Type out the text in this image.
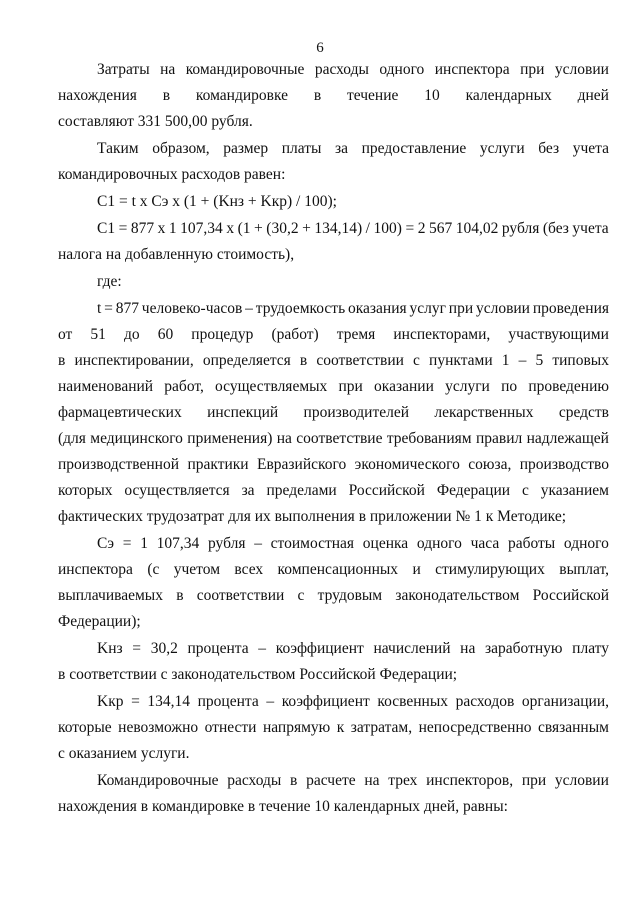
6
Затраты на командировочные расходы одного инспектора при условии
нахождения в командировке в течение 10 календарных дней
составляют 331 500,00 рубля.
Таким образом, размер платы за предоставление услуги без учета
командировочных расходов равен:
C1 = t x Cэ x (1 + (Kнз + Kкр) / 100);
C1 = 877 x 1 107,34 x (1 + (30,2 + 134,14) / 100) = 2 567 104,02 рубля (без учета
налога на добавленную стоимость),
где:
t = 877 человеко-часов – трудоемкость оказания услуг при условии проведения
от 51 до 60 процедур (работ) тремя инспекторами, участвующими
в инспектировании, определяется в соответствии с пунктами 1 – 5 типовых
наименований работ, осуществляемых при оказании услуги по проведению
фармацевтических инспекций производителей лекарственных средств
(для медицинского применения) на соответствие требованиям правил надлежащей
производственной практики Евразийского экономического союза, производство
которых осуществляется за пределами Российской Федерации с указанием
фактических трудозатрат для их выполнения в приложении № 1 к Методике;
Cэ = 1 107,34 рубля – стоимостная оценка одного часа работы одного
инспектора (с учетом всех компенсационных и стимулирующих выплат,
выплачиваемых в соответствии с трудовым законодательством Российской
Федерации);
Kнз = 30,2 процента – коэффициент начислений на заработную плату
в соответствии с законодательством Российской Федерации;
Kкр = 134,14 процента – коэффициент косвенных расходов организации,
которые невозможно отнести напрямую к затратам, непосредственно связанным
с оказанием услуги.
Командировочные расходы в расчете на трех инспекторов, при условии
нахождения в командировке в течение 10 календарных дней, равны:
